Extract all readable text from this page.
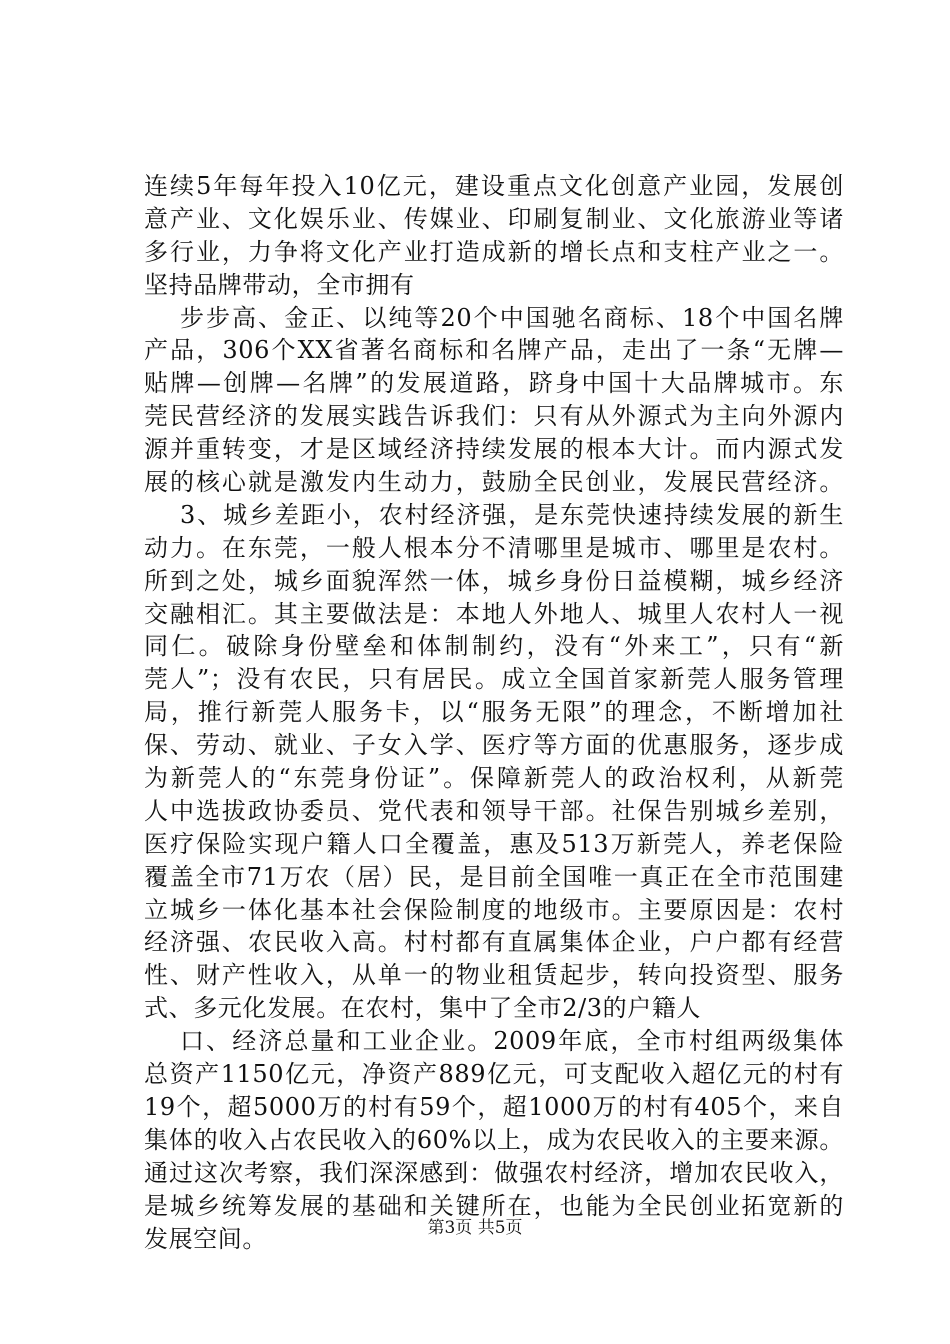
连续5年每年投入10亿元，建设重点文化创意产业园，发展创
意产业、文化娱乐业、传媒业、印刷复制业、文化旅游业等诸
多行业，力争将文化产业打造成新的增长点和支柱产业之一。
坚持品牌带动，全市拥有
步步高、金正、以纯等20个中国驰名商标、18个中国名牌
产品，306个XX省著名商标和名牌产品，走出了一条“无牌—
贴牌—创牌—名牌”的发展道路，跻身中国十大品牌城市。东
莞民营经济的发展实践告诉我们：只有从外源式为主向外源内
源并重转变，才是区域经济持续发展的根本大计。而内源式发
展的核心就是激发内生动力，鼓励全民创业，发展民营经济。
3、城乡差距小，农村经济强，是东莞快速持续发展的新生
动力。在东莞，一般人根本分不清哪里是城市、哪里是农村。
所到之处，城乡面貌浑然一体，城乡身份日益模糊，城乡经济
交融相汇。其主要做法是：本地人外地人、城里人农村人一视
同仁。破除身份壁垒和体制制约，没有“外来工”，只有“新
莞人”；没有农民，只有居民。成立全国首家新莞人服务管理
局，推行新莞人服务卡，以“服务无限”的理念，不断增加社
保、劳动、就业、子女入学、医疗等方面的优惠服务，逐步成
为新莞人的“东莞身份证”。保障新莞人的政治权利，从新莞
人中选拔政协委员、党代表和领导干部。社保告别城乡差别，
医疗保险实现户籍人口全覆盖，惠及513万新莞人，养老保险
覆盖全市71万农（居）民，是目前全国唯一真正在全市范围建
立城乡一体化基本社会保险制度的地级市。主要原因是：农村
经济强、农民收入高。村村都有直属集体企业，户户都有经营
性、财产性收入，从单一的物业租赁起步，转向投资型、服务
式、多元化发展。在农村，集中了全市2/3的户籍人
口、经济总量和工业企业。2009年底，全市村组两级集体
总资产1150亿元，净资产889亿元，可支配收入超亿元的村有
19个，超5000万的村有59个，超1000万的村有405个，来自
集体的收入占农民收入的60%以上，成为农民收入的主要来源。
通过这次考察，我们深深感到：做强农村经济，增加农民收入，
是城乡统筹发展的基础和关键所在，也能为全民创业拓宽新的
发展空间。	第3页 共5页
